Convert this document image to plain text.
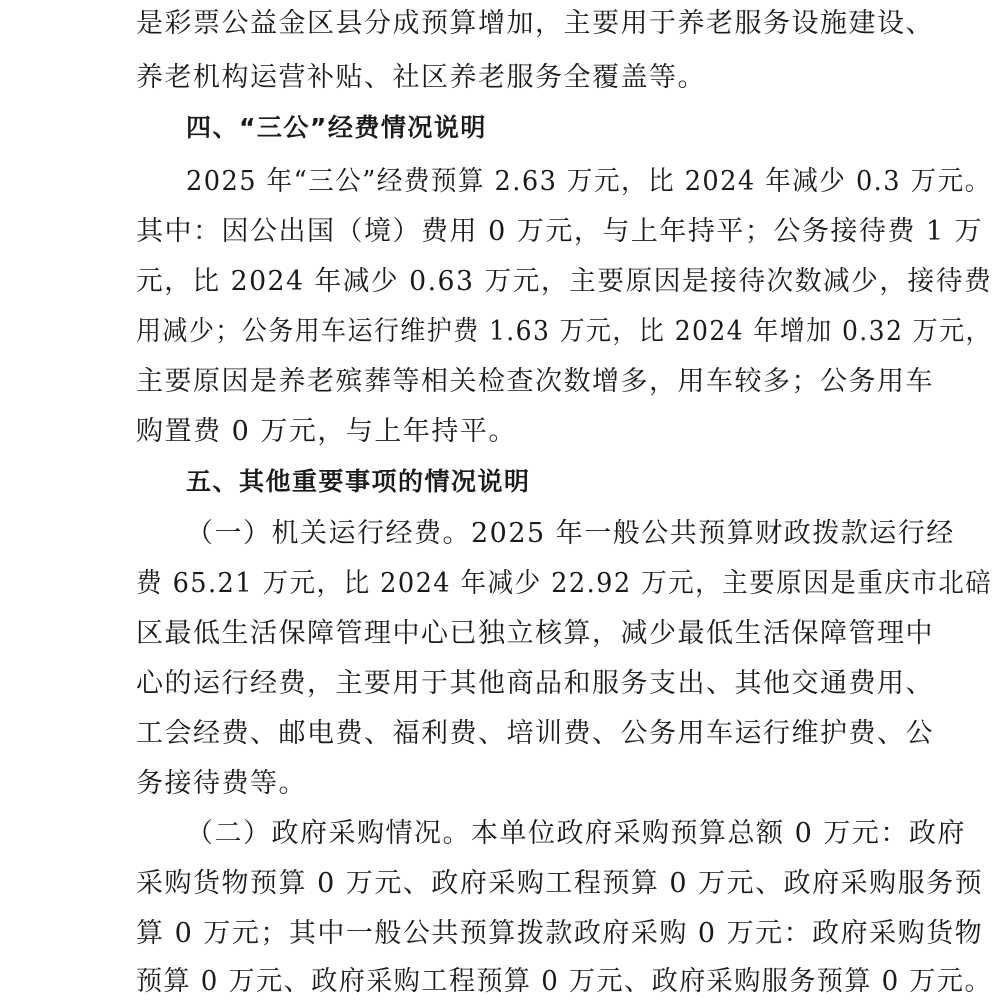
是彩票公益金区县分成预算增加，主要用于养老服务设施建设、
养老机构运营补贴、社区养老服务全覆盖等。
四、“三公”经费情况说明
2025 年“三公”经费预算 2.63 万元，比 2024 年减少 0.3 万元。
其中：因公出国（境）费用 0 万元，与上年持平；公务接待费 1 万
元，比 2024 年减少 0.63 万元，主要原因是接待次数减少，接待费
用减少；公务用车运行维护费 1.63 万元，比 2024 年增加 0.32 万元，
主要原因是养老殡葬等相关检查次数增多，用车较多；公务用车
购置费 0 万元，与上年持平。
五、其他重要事项的情况说明
（一）机关运行经费。2025 年一般公共预算财政拨款运行经
费 65.21 万元，比 2024 年减少 22.92 万元，主要原因是重庆市北碚
区最低生活保障管理中心已独立核算，减少最低生活保障管理中
心的运行经费，主要用于其他商品和服务支出、其他交通费用、
工会经费、邮电费、福利费、培训费、公务用车运行维护费、公
务接待费等。
（二）政府采购情况。本单位政府采购预算总额 0 万元：政府
采购货物预算 0 万元、政府采购工程预算 0 万元、政府采购服务预
算 0 万元；其中一般公共预算拨款政府采购 0 万元：政府采购货物
预算 0 万元、政府采购工程预算 0 万元、政府采购服务预算 0 万元。
